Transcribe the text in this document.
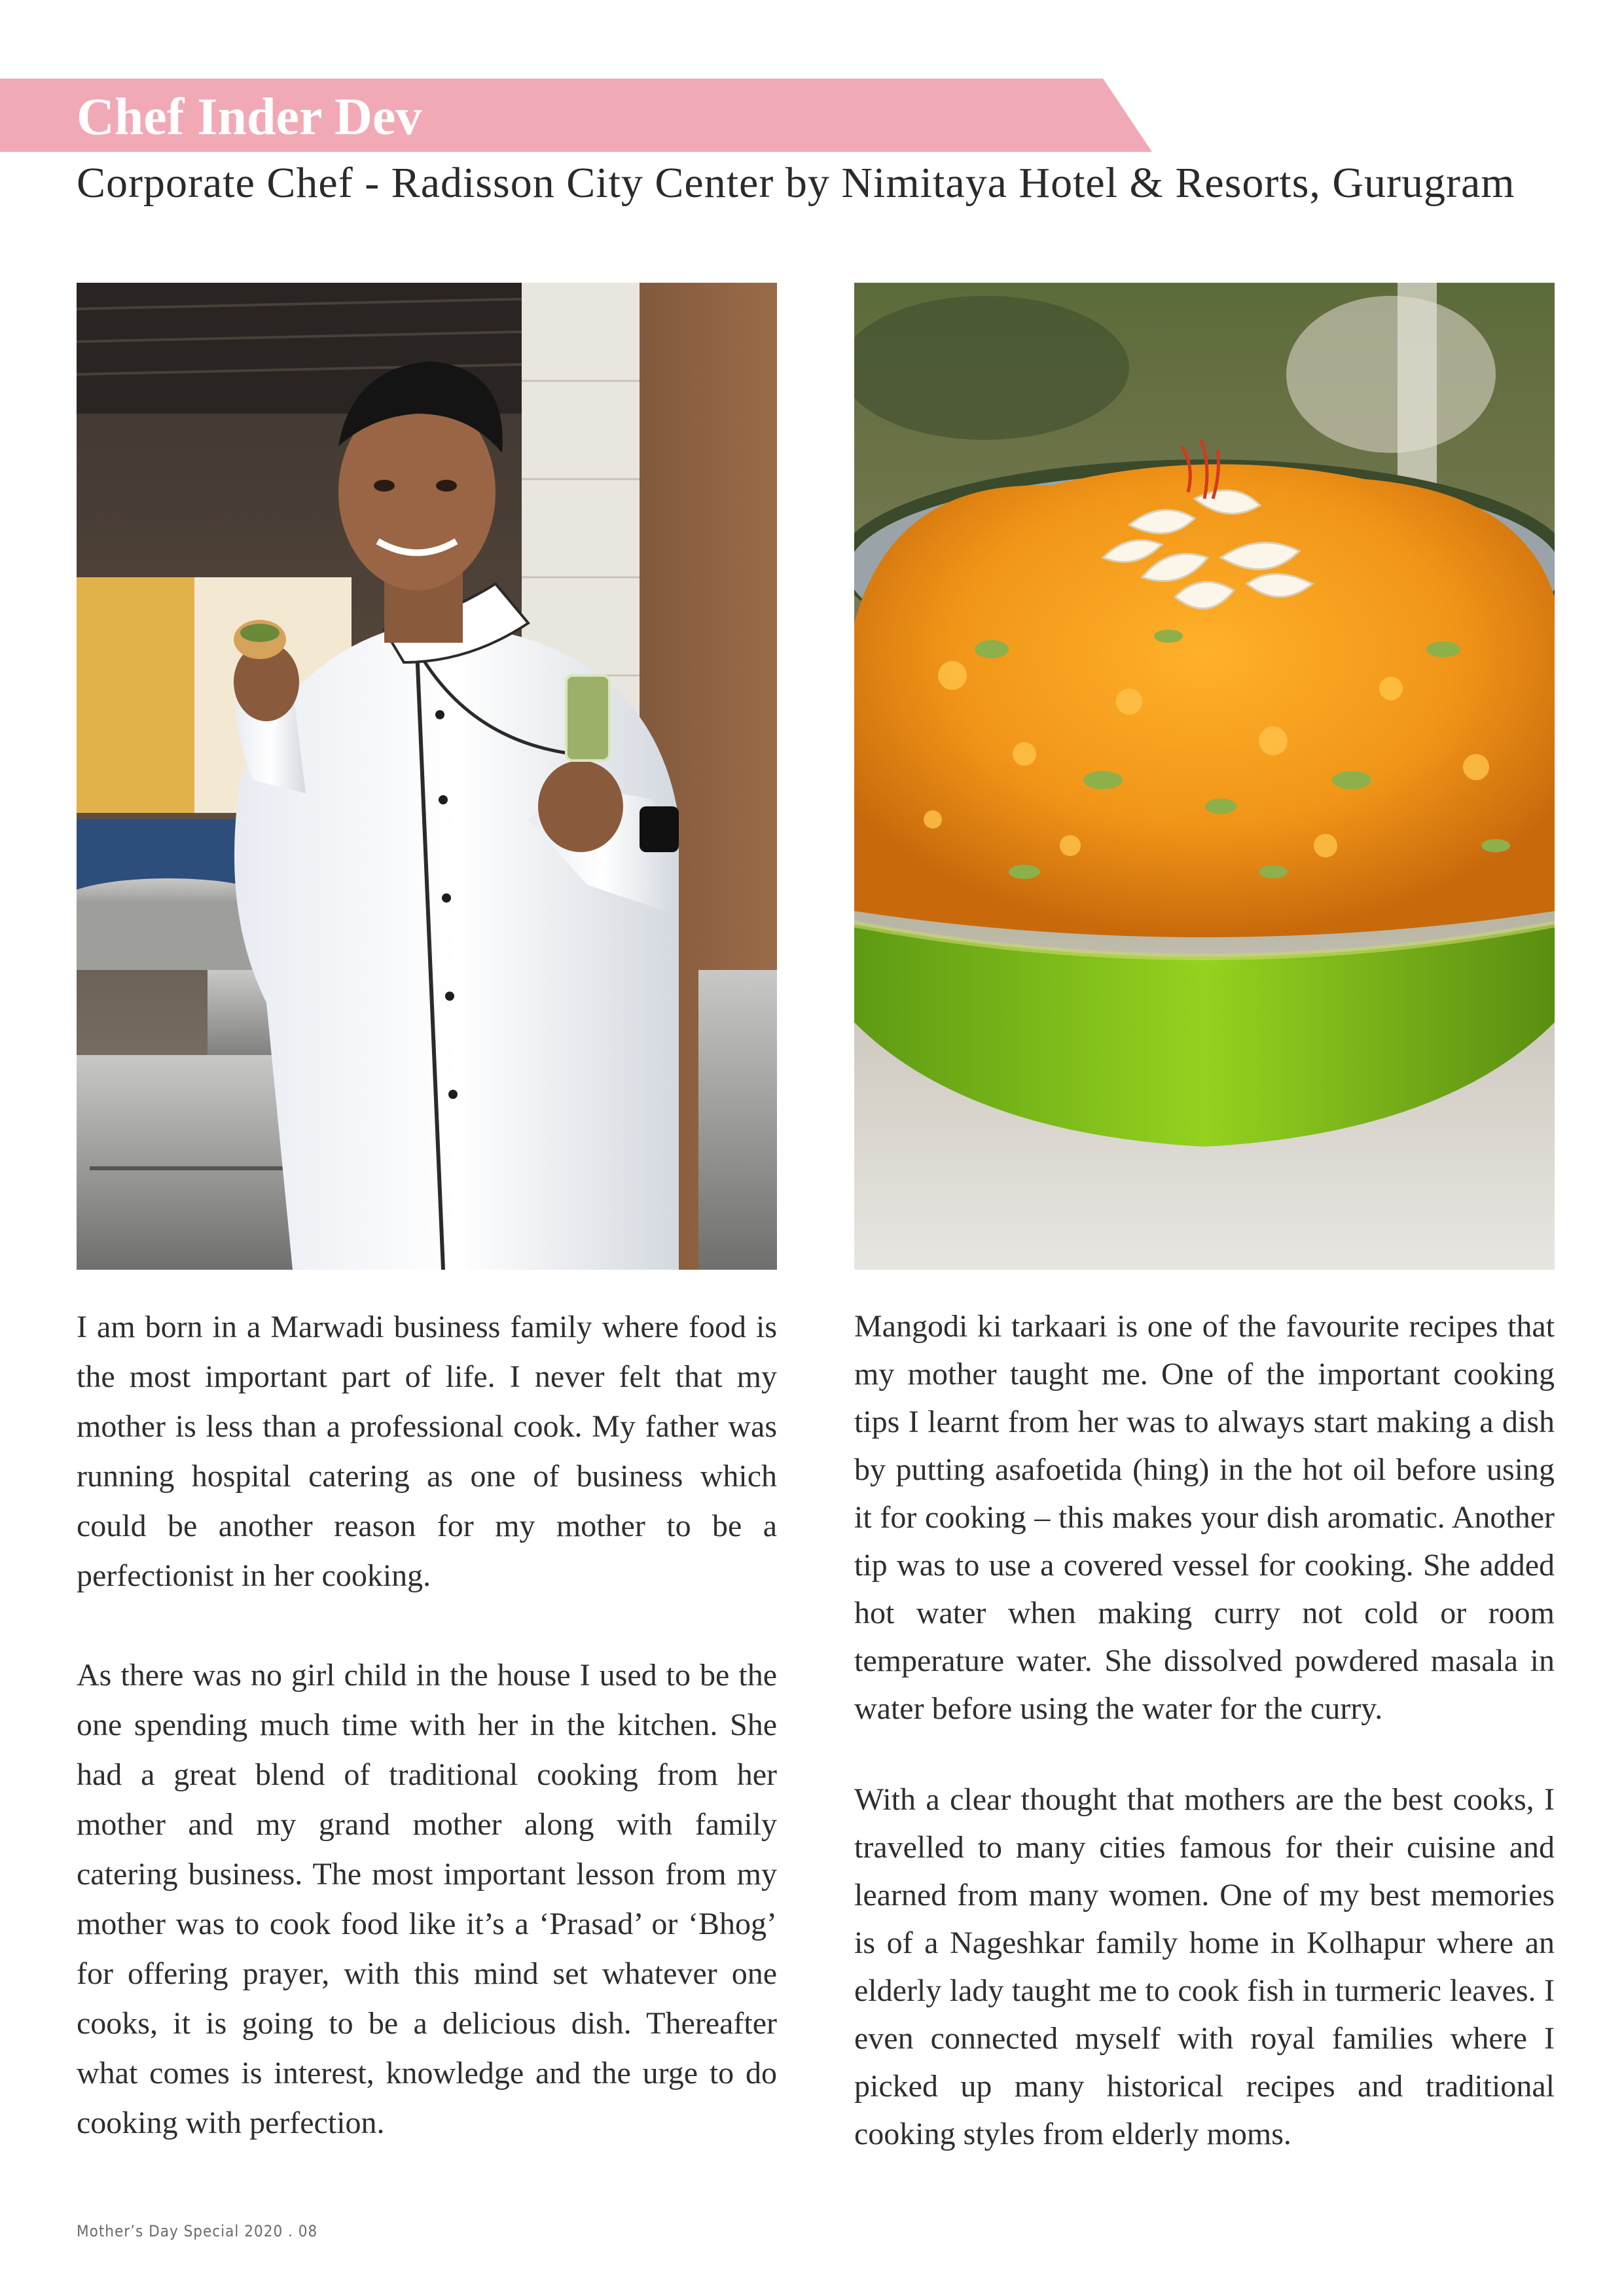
Chef Inder Dev
Corporate Chef - Radisson City Center by Nimitaya Hotel & Resorts, Gurugram

I am born in a Marwadi business family where food is the most important part of life. I never felt that my mother is less than a professional cook. My father was running hospital catering as one of business which could be another reason for my mother to be a perfectionist in her cooking.

As there was no girl child in the house I used to be the one spending much time with her in the kitchen. She had a great blend of traditional cooking from her mother and my grand mother along with family catering business. The most important lesson from my mother was to cook food like it’s a ‘Prasad’ or ‘Bhog’ for offering prayer, with this mind set whatever one cooks, it is going to be a delicious dish. Thereafter what comes is interest, knowledge and the urge to do cooking with perfection.

Mangodi ki tarkaari is one of the favourite recipes that my mother taught me. One of the important cooking tips I learnt from her was to always start making a dish by putting asafoetida (hing) in the hot oil before using it for cooking – this makes your dish aromatic. Another tip was to use a covered vessel for cooking. She added hot water when making curry not cold or room temperature water. She dissolved powdered masala in water before using the water for the curry.

With a clear thought that mothers are the best cooks, I travelled to many cities famous for their cuisine and learned from many women. One of my best memories is of a Nageshkar family home in Kolhapur where an elderly lady taught me to cook fish in turmeric leaves. I even connected myself with royal families where I picked up many historical recipes and traditional cooking styles from elderly moms.

Mother’s Day Special 2020 . 08
